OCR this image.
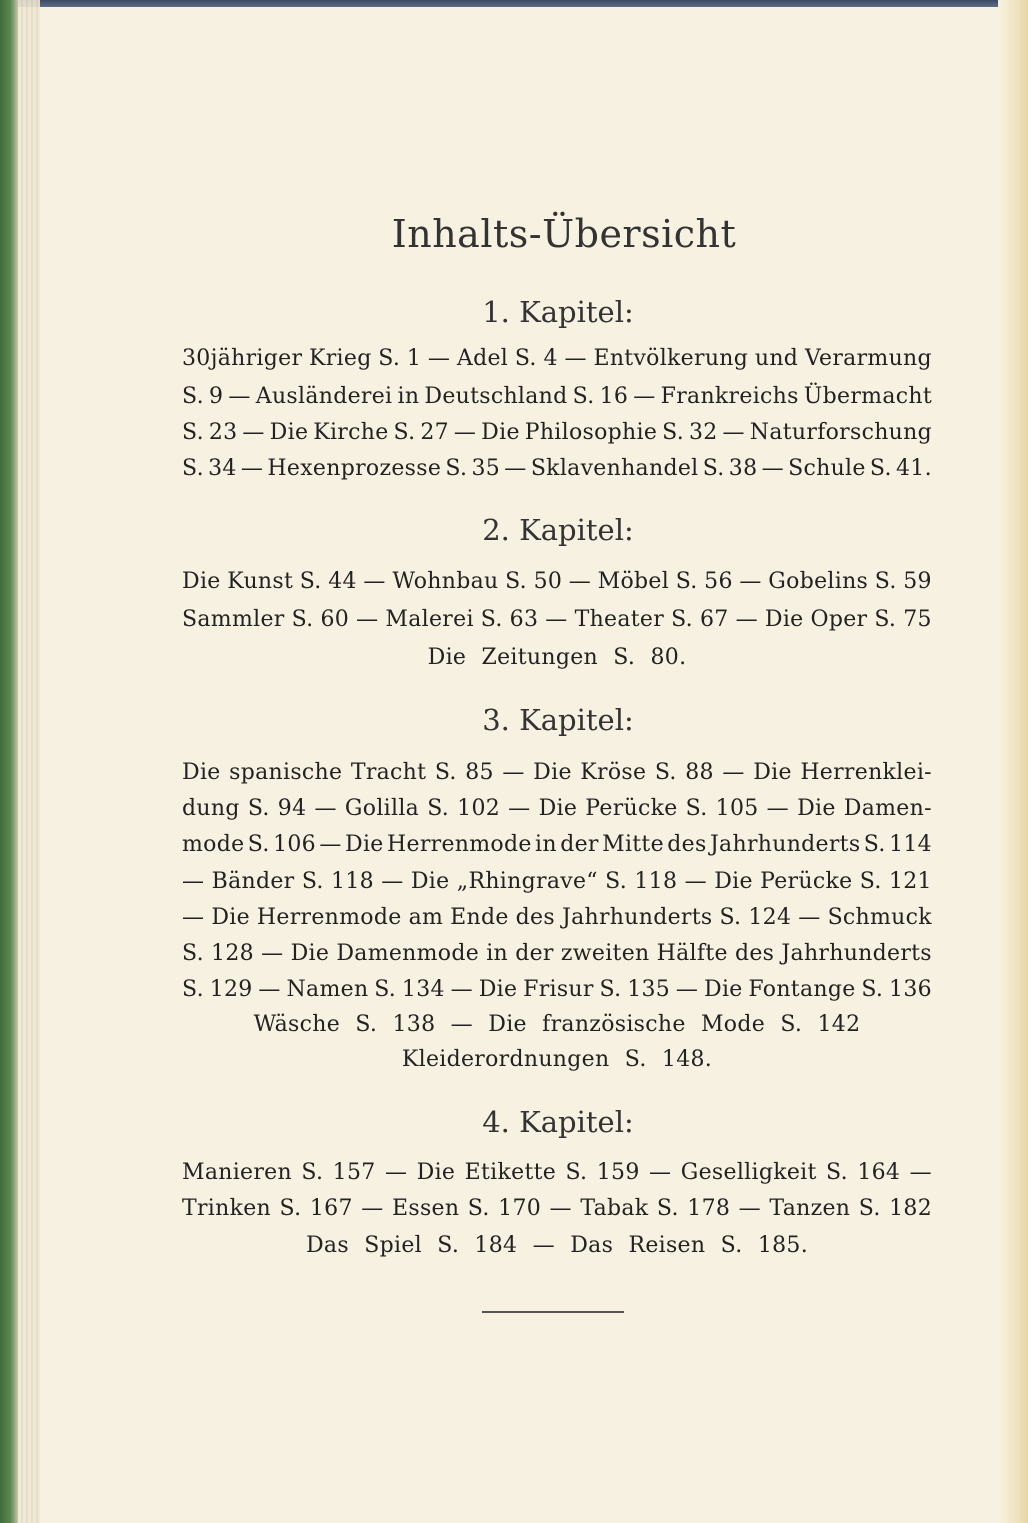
Inhalts-Übersicht
1. Kapitel:
30jähriger Krieg S. 1 — Adel S. 4 — Entvölkerung und Verarmung
S. 9 — Ausländerei in Deutschland S. 16 — Frankreichs Übermacht
S. 23 — Die Kirche S. 27 — Die Philosophie S. 32 — Naturforschung
S. 34 — Hexenprozesse S. 35 — Sklavenhandel S. 38 — Schule S. 41.
2. Kapitel:
Die Kunst S. 44 — Wohnbau S. 50 — Möbel S. 56 — Gobelins S. 59
Sammler S. 60 — Malerei S. 63 — Theater S. 67 — Die Oper S. 75
Die Zeitungen S. 80.
3. Kapitel:
Die spanische Tracht S. 85 — Die Kröse S. 88 — Die Herrenklei-
dung S. 94 — Golilla S. 102 — Die Perücke S. 105 — Die Damen-
mode S. 106 — Die Herrenmode in der Mitte des Jahrhunderts S. 114
— Bänder S. 118 — Die „Rhingrave“ S. 118 — Die Perücke S. 121
— Die Herrenmode am Ende des Jahrhunderts S. 124 — Schmuck
S. 128 — Die Damenmode in der zweiten Hälfte des Jahrhunderts
S. 129 — Namen S. 134 — Die Frisur S. 135 — Die Fontange S. 136
Wäsche S. 138 — Die französische Mode S. 142
Kleiderordnungen S. 148.
4. Kapitel:
Manieren S. 157 — Die Etikette S. 159 — Geselligkeit S. 164 —
Trinken S. 167 — Essen S. 170 — Tabak S. 178 — Tanzen S. 182
Das Spiel S. 184 — Das Reisen S. 185.
